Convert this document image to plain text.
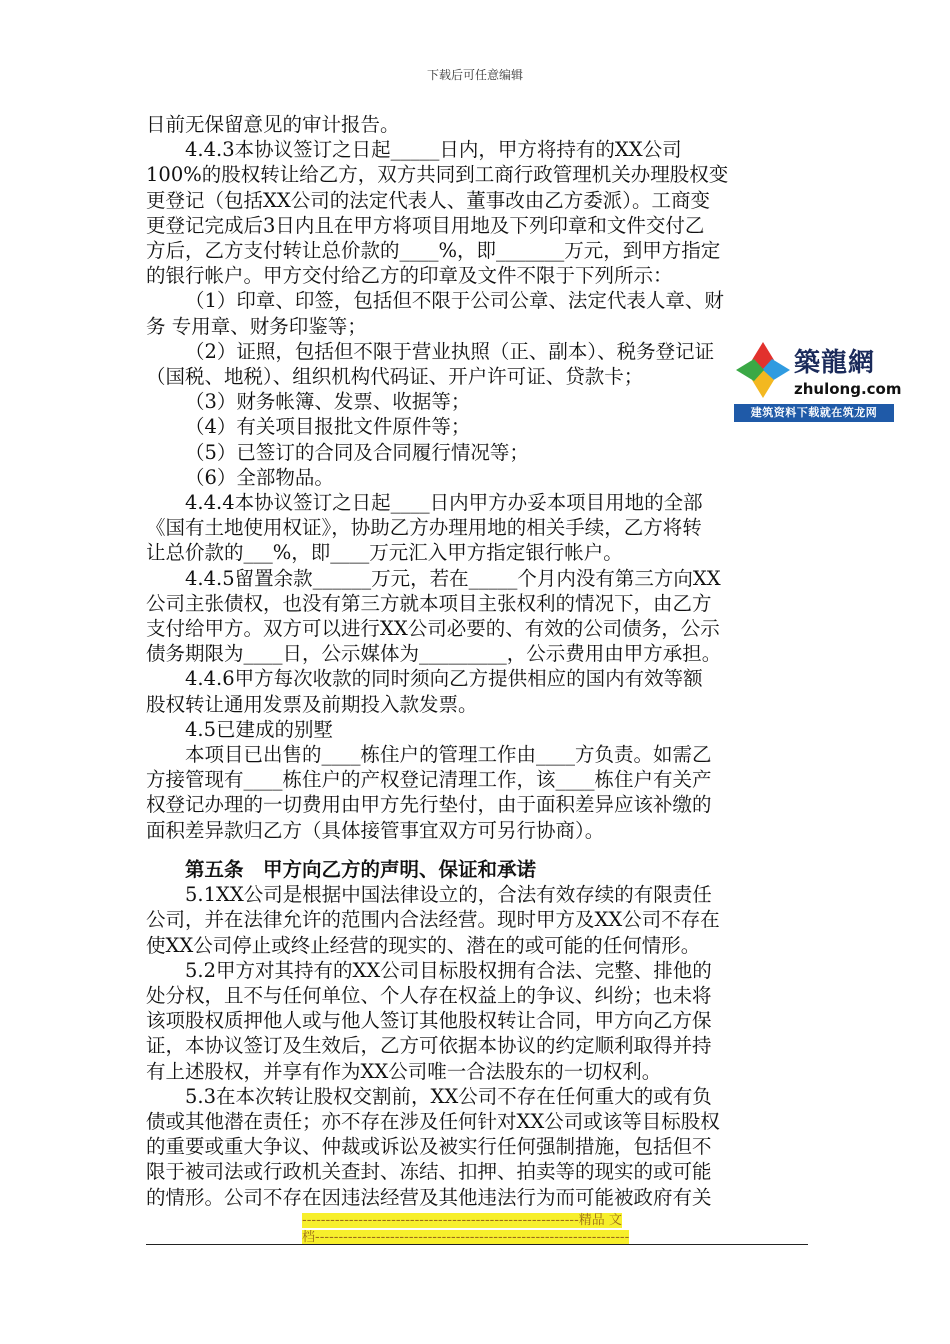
下载后可任意编辑

日前无保留意见的审计报告。

4.4.3本协议签订之日起_____日内，甲方将持有的XX公司

100%的股权转让给乙方，双方共同到工商行政管理机关办理股权变

更登记（包括XX公司的法定代表人、董事改由乙方委派）。工商变

更登记完成后3日内且在甲方将项目用地及下列印章和文件交付乙

方后，乙方支付转让总价款的____%，即_______万元，到甲方指定

的银行帐户。甲方交付给乙方的印章及文件不限于下列所示：

（1）印章、印签，包括但不限于公司公章、法定代表人章、财

务 专用章、财务印鉴等；

（2）证照，包括但不限于营业执照（正、副本）、税务登记证

（国税、地税）、组织机构代码证、开户许可证、贷款卡；

（3）财务帐簿、发票、收据等；

（4）有关项目报批文件原件等；

（5）已签订的合同及合同履行情况等；

（6）全部物品。

4.4.4本协议签订之日起____日内甲方办妥本项目用地的全部

《国有土地使用权证》，协助乙方办理用地的相关手续，乙方将转

让总价款的___%，即____万元汇入甲方指定银行帐户。

4.4.5留置余款______万元，若在_____个月内没有第三方向XX

公司主张债权，也没有第三方就本项目主张权利的情况下，由乙方

支付给甲方。双方可以进行XX公司必要的、有效的公司债务，公示

债务期限为____日，公示媒体为_________，公示费用由甲方承担。

4.4.6甲方每次收款的同时须向乙方提供相应的国内有效等额

股权转让通用发票及前期投入款发票。

4.5已建成的别墅

本项目已出售的____栋住户的管理工作由____方负责。如需乙

方接管现有____栋住户的产权登记清理工作，该____栋住户有关产

权登记办理的一切费用由甲方先行垫付，由于面积差异应该补缴的

面积差异款归乙方（具体接管事宜双方可另行协商）。

第五条　甲方向乙方的声明、保证和承诺

5.1XX公司是根据中国法律设立的，合法有效存续的有限责任

公司，并在法律允许的范围内合法经营。现时甲方及XX公司不存在

使XX公司停止或终止经营的现实的、潜在的或可能的任何情形。

5.2甲方对其持有的XX公司目标股权拥有合法、完整、排他的

处分权，且不与任何单位、个人存在权益上的争议、纠纷；也未将

该项股权质押他人或与他人签订其他股权转让合同，甲方向乙方保

证，本协议签订及生效后，乙方可依据本协议的约定顺利取得并持

有上述股权，并享有作为XX公司唯一合法股东的一切权利。

5.3在本次转让股权交割前，XX公司不存在任何重大的或有负

债或其他潜在责任；亦不存在涉及任何针对XX公司或该等目标股权

的重要或重大争议、仲裁或诉讼及被实行任何强制措施，包括但不

限于被司法或行政机关查封、冻结、扣押、拍卖等的现实的或可能

的情形。公司不存在因违法经营及其他违法行为而可能被政府有关

築龍網
zhulong.com
建筑资料下载就在筑龙网
-----------------------------------------------------------精品 文
档-------------------------------------------------------------------
